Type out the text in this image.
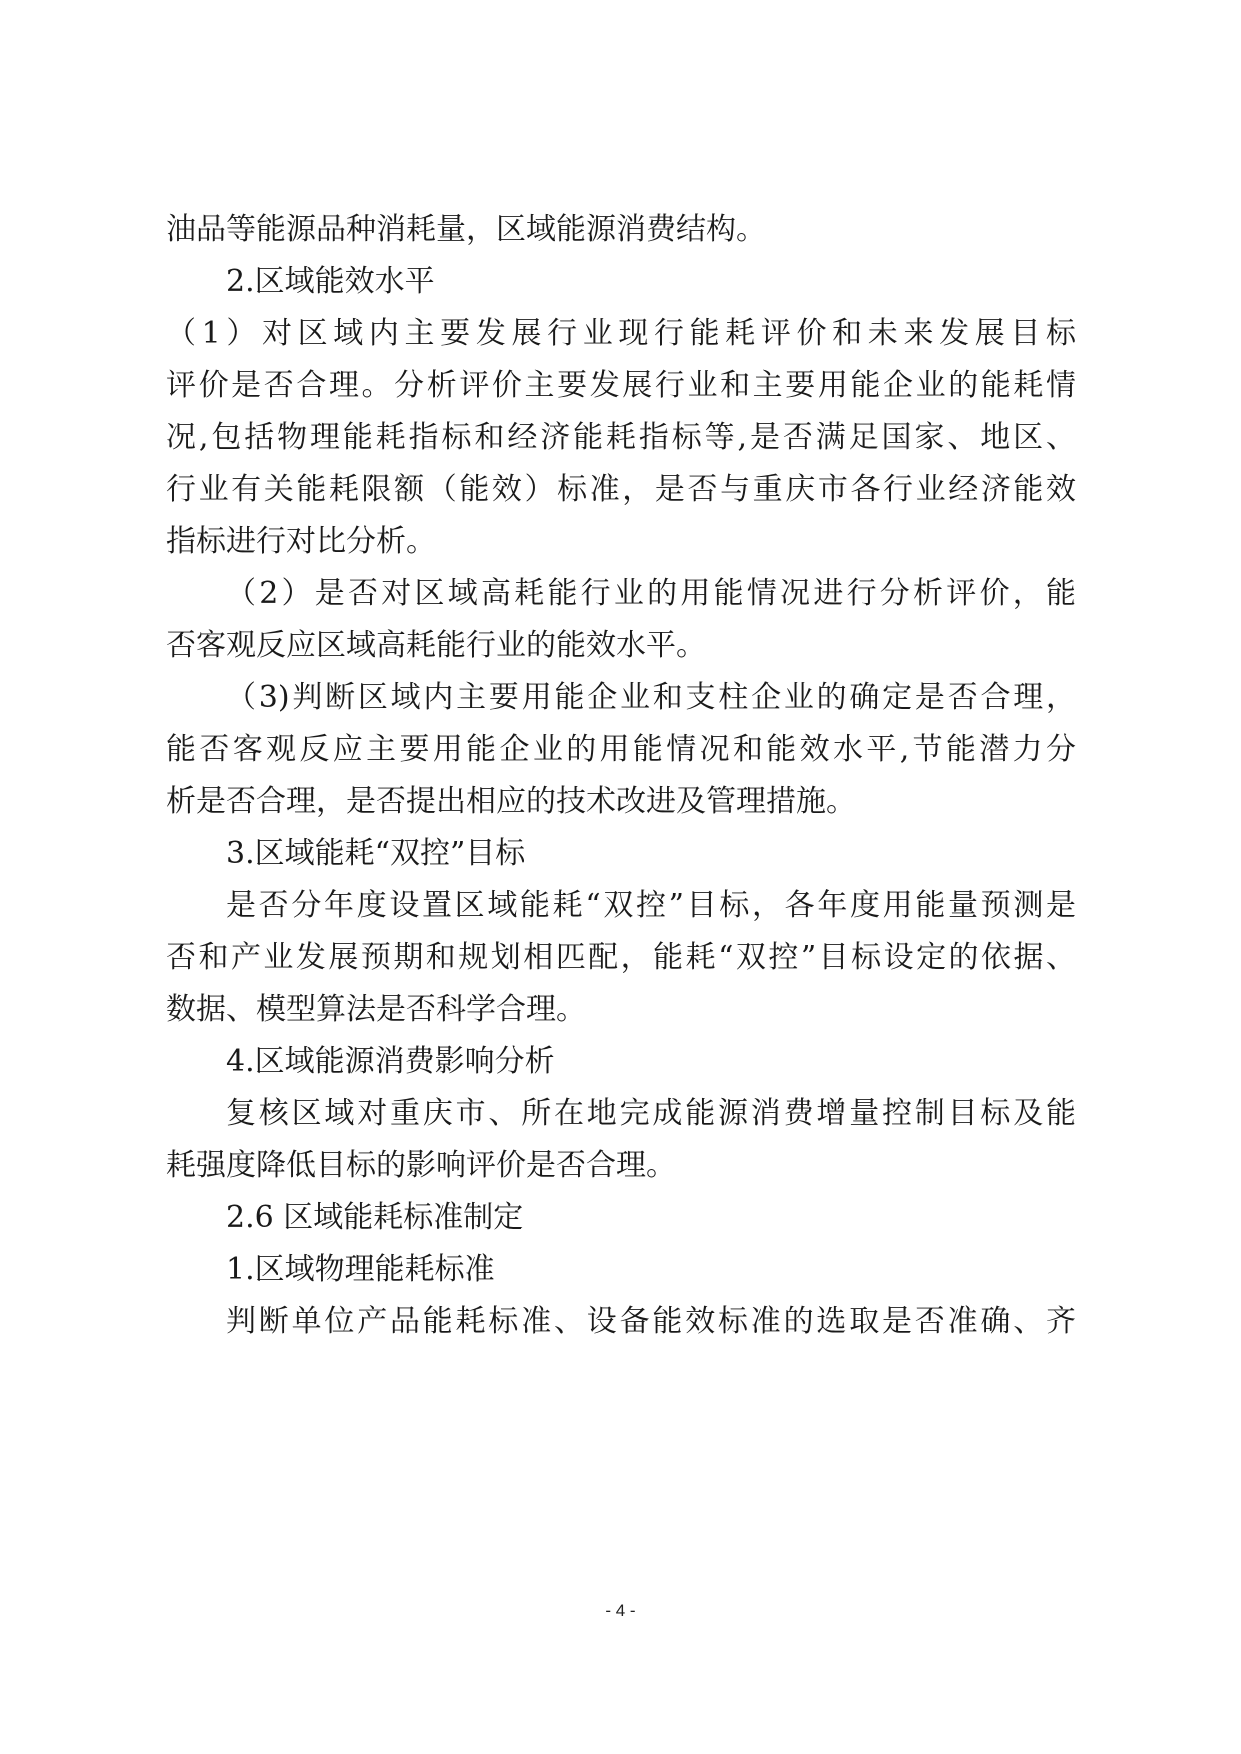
油品等能源品种消耗量，区域能源消费结构。
2.区域能效水平
（1）对区域内主要发展行业现行能耗评价和未来发展目标
评价是否合理。分析评价主要发展行业和主要用能企业的能耗情
况,包括物理能耗指标和经济能耗指标等,是否满足国家、地区、
行业有关能耗限额（能效）标准，是否与重庆市各行业经济能效
指标进行对比分析。
（2）是否对区域高耗能行业的用能情况进行分析评价，能
否客观反应区域高耗能行业的能效水平。
（3)判断区域内主要用能企业和支柱企业的确定是否合理，
能否客观反应主要用能企业的用能情况和能效水平,节能潜力分
析是否合理，是否提出相应的技术改进及管理措施。
3.区域能耗“双控”目标
是否分年度设置区域能耗“双控”目标，各年度用能量预测是
否和产业发展预期和规划相匹配，能耗“双控”目标设定的依据、
数据、模型算法是否科学合理。
4.区域能源消费影响分析
复核区域对重庆市、所在地完成能源消费增量控制目标及能
耗强度降低目标的影响评价是否合理。
2.6 区域能耗标准制定
1.区域物理能耗标准
判断单位产品能耗标准、设备能效标准的选取是否准确、齐
- 4 -
